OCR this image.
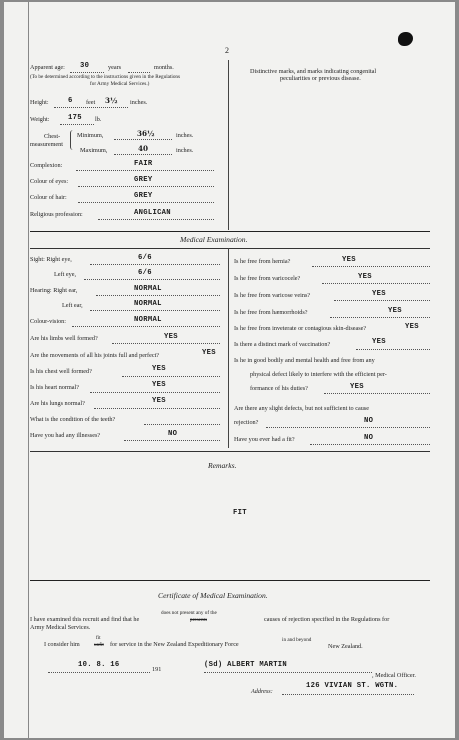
2
Apparent age: 30	years	months.
(To be determined according to the instructions given in the Regulations
for Army Medical Services.)
Height:	6 feet 3½ inches.
Weight:	175 lb.
Chest-
measurement
Minimum,	36½	inches.
Maximum,	40	inches.
Complexion:	FAIR
Colour of eyes:	GREY
Colour of hair:	GREY
Religious profession:	ANGLICAN
Distinctive marks, and marks indicating congenital
peculiarities or previous disease.
Medical Examination.
Sight: Right eye,	6/6
Left eye,	6/6
Hearing: Right ear,	NORMAL
Left ear,	NORMAL
Colour-vision:	NORMAL
Are his limbs well formed?	YES
Are the movements of all his joints full and perfect?	YES
Is his chest well formed?	YES
Is his heart normal?	YES
Are his lungs normal?	YES
What is the condition of the teeth?
Have you had any illnesses?	NO
Is he free from hernia?	YES
Is he free from varicocele?	YES
Is he free from varicose veins?	YES
Is he free from hæmorrhoids?	YES
Is he free from inveterate or contagious skin-disease?	YES
Is there a distinct mark of vaccination?	YES
Is he in good bodily and mental health and free from any
physical defect likely to interfere with the efficient per-
formance of his duties?	YES
Are there any slight defects, but not sufficient to cause
rejection?	NO
Have you ever had a fit?	NO
Remarks.
FIT
Certificate of Medical Examination.
I have examined this recruit and find that he
does not present any of the
presents	causes of rejection specified in the Regulations for
Army Medical Services.
I consider him
fit
unfit for service in the New Zealand Expeditionary Force
in and beyond
New Zealand.
10. 8. 16
191
(Sd) ALBERT MARTIN
, Medical Officer.
Address:
126 VIVIAN ST. WGTN.
